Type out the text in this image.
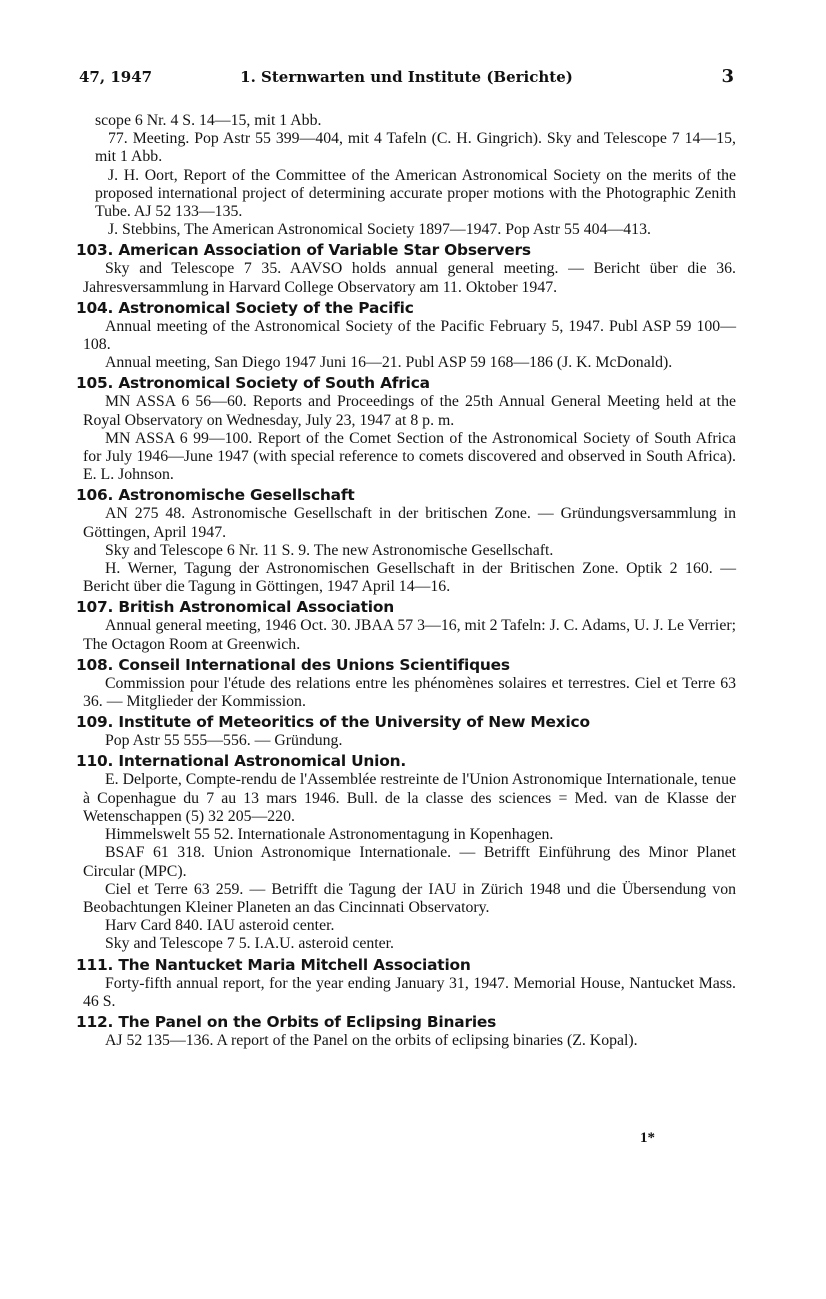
47, 1947	1. Sternwarten und Institute (Berichte)	3

scope 6 Nr. 4 S. 14—15, mit 1 Abb.

77. Meeting. Pop Astr 55 399—404, mit 4 Tafeln (C. H. Gingrich). Sky and Telescope 7 14—15, mit 1 Abb.

J. H. Oort, Report of the Committee of the American Astronomical Society on the merits of the proposed international project of determining accurate proper motions with the Photographic Zenith Tube. AJ 52 133—135.

J. Stebbins, The American Astronomical Society 1897—1947. Pop Astr 55 404—413.

103. American Association of Variable Star Observers

Sky and Telescope 7 35. AAVSO holds annual general meeting. — Bericht über die 36. Jahresversammlung in Harvard College Observatory am 11. Oktober 1947.

104. Astronomical Society of the Pacific

Annual meeting of the Astronomical Society of the Pacific February 5, 1947. Publ ASP 59 100—108.

Annual meeting, San Diego 1947 Juni 16—21. Publ ASP 59 168—186 (J. K. McDonald).

105. Astronomical Society of South Africa

MN ASSA 6 56—60. Reports and Proceedings of the 25th Annual General Meeting held at the Royal Observatory on Wednesday, July 23, 1947 at 8 p. m.

MN ASSA 6 99—100. Report of the Comet Section of the Astronomical Society of South Africa for July 1946—June 1947 (with special reference to comets discovered and observed in South Africa). E. L. Johnson.

106. Astronomische Gesellschaft

AN 275 48. Astronomische Gesellschaft in der britischen Zone. — Gründungsversammlung in Göttingen, April 1947.

Sky and Telescope 6 Nr. 11 S. 9. The new Astronomische Gesellschaft.

H. Werner, Tagung der Astronomischen Gesellschaft in der Britischen Zone. Optik 2 160. — Bericht über die Tagung in Göttingen, 1947 April 14—16.

107. British Astronomical Association

Annual general meeting, 1946 Oct. 30. JBAA 57 3—16, mit 2 Tafeln: J. C. Adams, U. J. Le Verrier; The Octagon Room at Greenwich.

108. Conseil International des Unions Scientifiques

Commission pour l'étude des relations entre les phénomènes solaires et terrestres. Ciel et Terre 63 36. — Mitglieder der Kommission.

109. Institute of Meteoritics of the University of New Mexico

Pop Astr 55 555—556. — Gründung.

110. International Astronomical Union.

E. Delporte, Compte-rendu de l'Assemblée restreinte de l'Union Astronomique Internationale, tenue à Copenhague du 7 au 13 mars 1946. Bull. de la classe des sciences = Med. van de Klasse der Wetenschappen (5) 32 205—220.

Himmelswelt 55 52. Internationale Astronomentagung in Kopenhagen.

BSAF 61 318. Union Astronomique Internationale. — Betrifft Einführung des Minor Planet Circular (MPC).

Ciel et Terre 63 259. — Betrifft die Tagung der IAU in Zürich 1948 und die Übersendung von Beobachtungen Kleiner Planeten an das Cincinnati Observatory.

Harv Card 840. IAU asteroid center.

Sky and Telescope 7 5. I.A.U. asteroid center.

111. The Nantucket Maria Mitchell Association

Forty-fifth annual report, for the year ending January 31, 1947. Memorial House, Nantucket Mass. 46 S.

112. The Panel on the Orbits of Eclipsing Binaries

AJ 52 135—136. A report of the Panel on the orbits of eclipsing binaries (Z. Kopal).

1*
